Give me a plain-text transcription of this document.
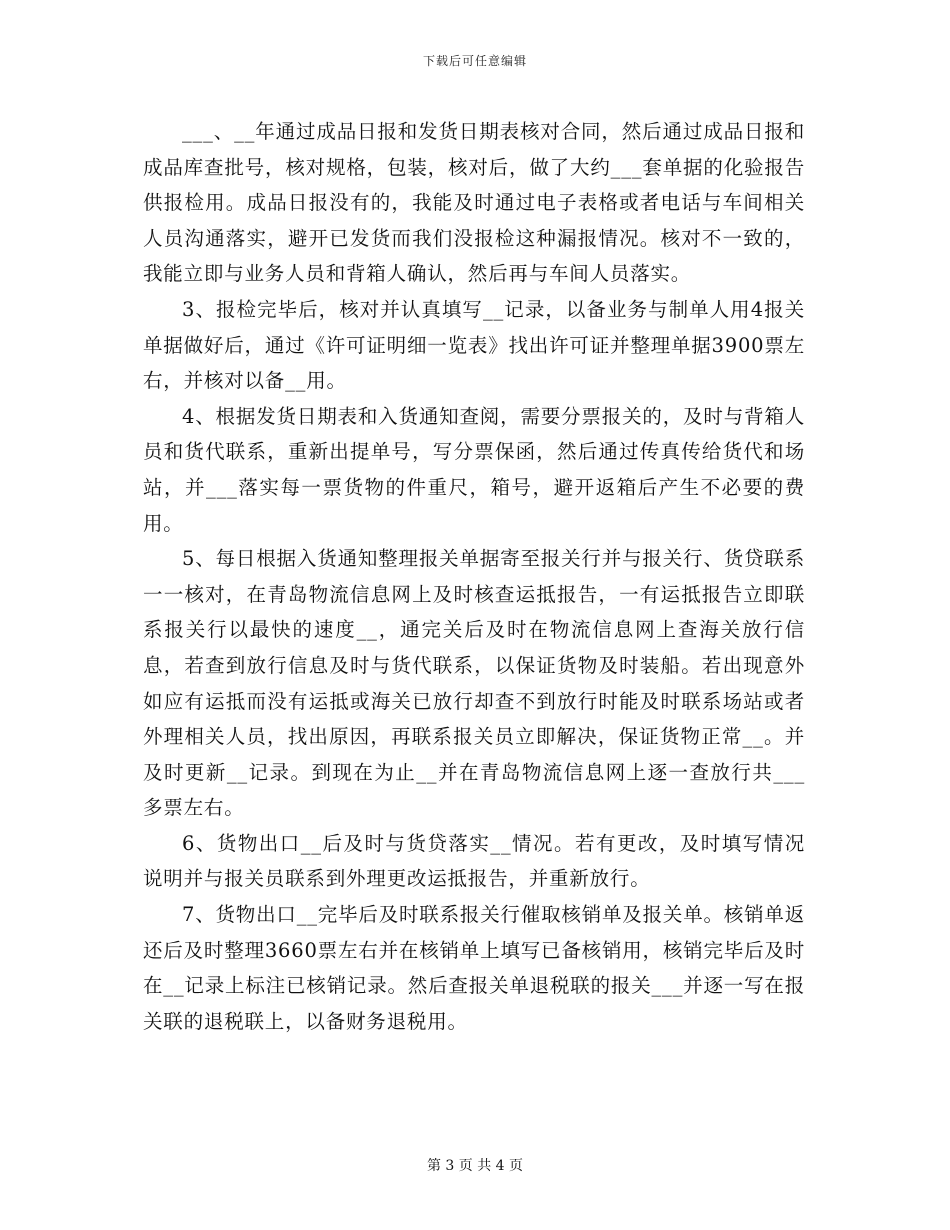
下载后可任意编辑

___、__年通过成品日报和发货日期表核对合同，然后通过成品日报和成品库查批号，核对规格，包装，核对后，做了大约___套单据的化验报告供报检用。成品日报没有的，我能及时通过电子表格或者电话与车间相关人员沟通落实，避开已发货而我们没报检这种漏报情况。核对不一致的，我能立即与业务人员和背箱人确认，然后再与车间人员落实。

3、报检完毕后，核对并认真填写__记录，以备业务与制单人用4报关单据做好后，通过《许可证明细一览表》找出许可证并整理单据3900票左右，并核对以备__用。

4、根据发货日期表和入货通知查阅，需要分票报关的，及时与背箱人员和货代联系，重新出提单号，写分票保函，然后通过传真传给货代和场站，并___落实每一票货物的件重尺，箱号，避开返箱后产生不必要的费用。

5、每日根据入货通知整理报关单据寄至报关行并与报关行、货贷联系一一核对，在青岛物流信息网上及时核查运抵报告，一有运抵报告立即联系报关行以最快的速度__，通完关后及时在物流信息网上查海关放行信息，若查到放行信息及时与货代联系，以保证货物及时装船。若出现意外如应有运抵而没有运抵或海关已放行却查不到放行时能及时联系场站或者外理相关人员，找出原因，再联系报关员立即解决，保证货物正常__。并及时更新__记录。到现在为止__并在青岛物流信息网上逐一查放行共___多票左右。

6、货物出口__后及时与货贷落实__情况。若有更改，及时填写情况说明并与报关员联系到外理更改运抵报告，并重新放行。

7、货物出口__完毕后及时联系报关行催取核销单及报关单。核销单返还后及时整理3660票左右并在核销单上填写已备核销用，核销完毕后及时在__记录上标注已核销记录。然后查报关单退税联的报关___并逐一写在报关联的退税联上，以备财务退税用。

第 3 页 共 4 页
